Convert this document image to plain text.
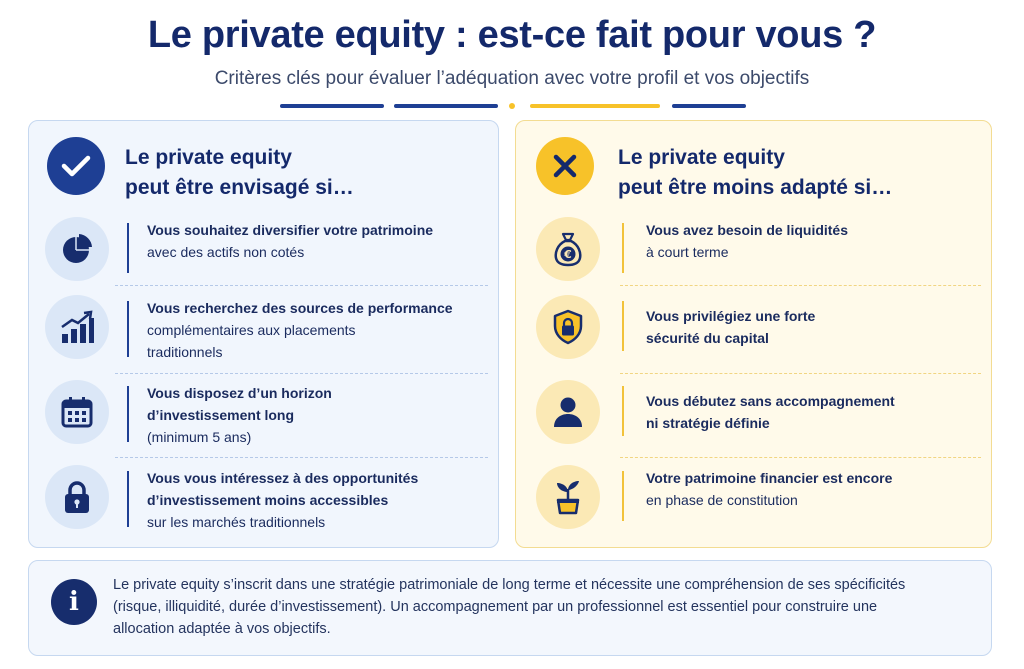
Le private equity : est-ce fait pour vous ?
Critères clés pour évaluer l’adéquation avec votre profil et vos objectifs
Le private equity
peut être envisagé si…
Vous souhaitez diversifier votre patrimoine
avec des actifs non cotés
Vous recherchez des sources de performance
complémentaires aux placements
traditionnels
Vous disposez d’un horizon
d’investissement long
(minimum 5 ans)
Vous vous intéressez à des opportunités
d’investissement moins accessibles
sur les marchés traditionnels
Le private equity
peut être moins adapté si…
€
Vous avez besoin de liquidités
à court terme
Vous privilégiez une forte
sécurité du capital
Vous débutez sans accompagnement
ni stratégie définie
Votre patrimoine financier est encore
en phase de constitution
i
Le private equity s’inscrit dans une stratégie patrimoniale de long terme et nécessite une compréhension de ses spécificités (risque, illiquidité, durée d’investissement). Un accompagnement par un professionnel est essentiel pour construire une allocation adaptée à vos objectifs.
